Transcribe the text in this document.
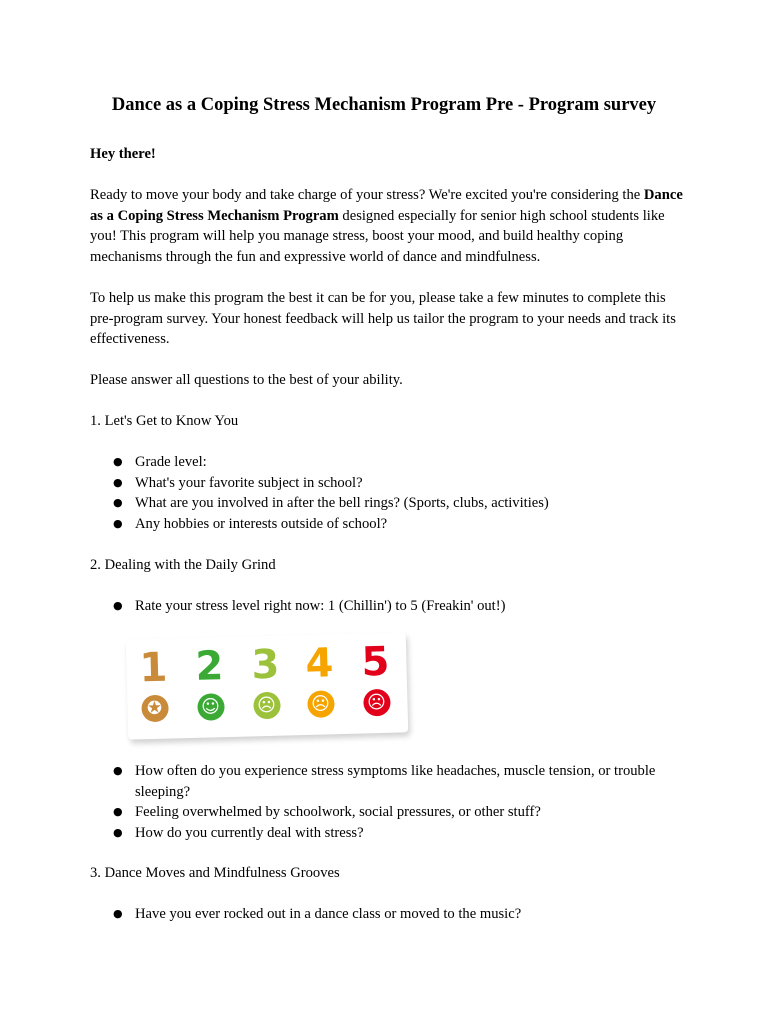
Dance as a Coping Stress Mechanism Program Pre - Program survey

Hey there!

Ready to move your body and take charge of your stress? We're excited you're considering the Dance as a Coping Stress Mechanism Program designed especially for senior high school students like you! This program will help you manage stress, boost your mood, and build healthy coping mechanisms through the fun and expressive world of dance and mindfulness.

To help us make this program the best it can be for you, please take a few minutes to complete this pre-program survey. Your honest feedback will help us tailor the program to your needs and track its effectiveness.

Please answer all questions to the best of your ability.

1. Let's Get to Know You

● Grade level:
● What's your favorite subject in school?
● What are you involved in after the bell rings? (Sports, clubs, activities)
● Any hobbies or interests outside of school?

2. Dealing with the Daily Grind

● Rate your stress level right now: 1 (Chillin') to 5 (Freakin' out!)
● How often do you experience stress symptoms like headaches, muscle tension, or trouble sleeping?
● Feeling overwhelmed by schoolwork, social pressures, or other stuff?
● How do you currently deal with stress?

3. Dance Moves and Mindfulness Grooves

● Have you ever rocked out in a dance class or moved to the music?
1
✪
2
☺
3
☹
4
☹
5
☹
